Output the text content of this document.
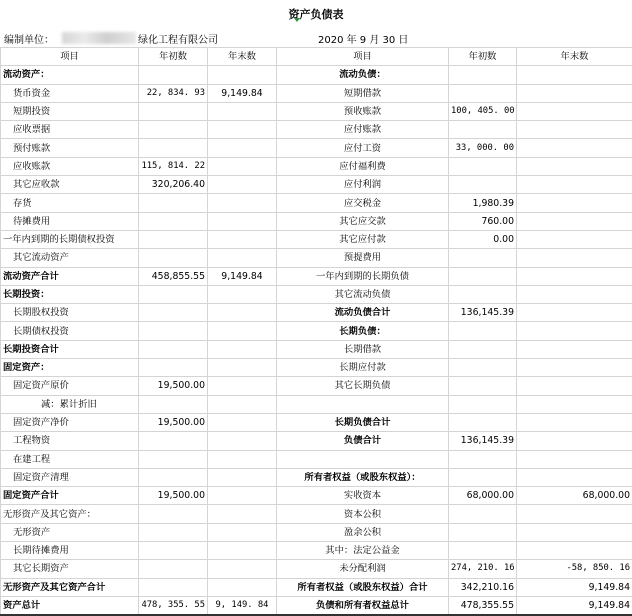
资产负债表
编制单位：	绿化工程有限公司	2020 年 9 月 30 日
项目	年初数	年末数	项目	年初数	年末数
流动资产：			流动负债：		
货币资金	22, 834. 93	9,149.84	短期借款		
短期投资			预收账款	100, 405. 00	
应收票据			应付账款		
预付账款			应付工资	33, 000. 00	
应收账款	115, 814. 22		应付福利费		
其它应收款	320,206.40		应付利润		
存货			应交税金	1,980.39	
待摊费用			其它应交款	760.00	
一年内到期的长期债权投资			其它应付款	0.00	
其它流动资产			预提费用		
流动资产合计	458,855.55	9,149.84	一年内到期的长期负债		
长期投资：			其它流动负债		
长期股权投资			流动负债合计	136,145.39	
长期债权投资			长期负债：		
长期投资合计			长期借款		
固定资产：			长期应付款		
固定资产原价	19,500.00		其它长期负债		
减：累计折旧					
固定资产净价	19,500.00		长期负债合计		
工程物资			负债合计	136,145.39	
在建工程					
固定资产清理			所有者权益（或股东权益）：		
固定资产合计	19,500.00		实收资本	68,000.00	68,000.00
无形资产及其它资产：			资本公积		
无形资产			盈余公积		
长期待摊费用			其中：法定公益金		
其它长期资产			未分配利润	274, 210. 16	-58, 850. 16
无形资产及其它资产合计			所有者权益（或股东权益）合计	342,210.16	9,149.84
资产总计	478, 355. 55	9, 149. 84	负债和所有者权益总计	478,355.55	9,149.84
